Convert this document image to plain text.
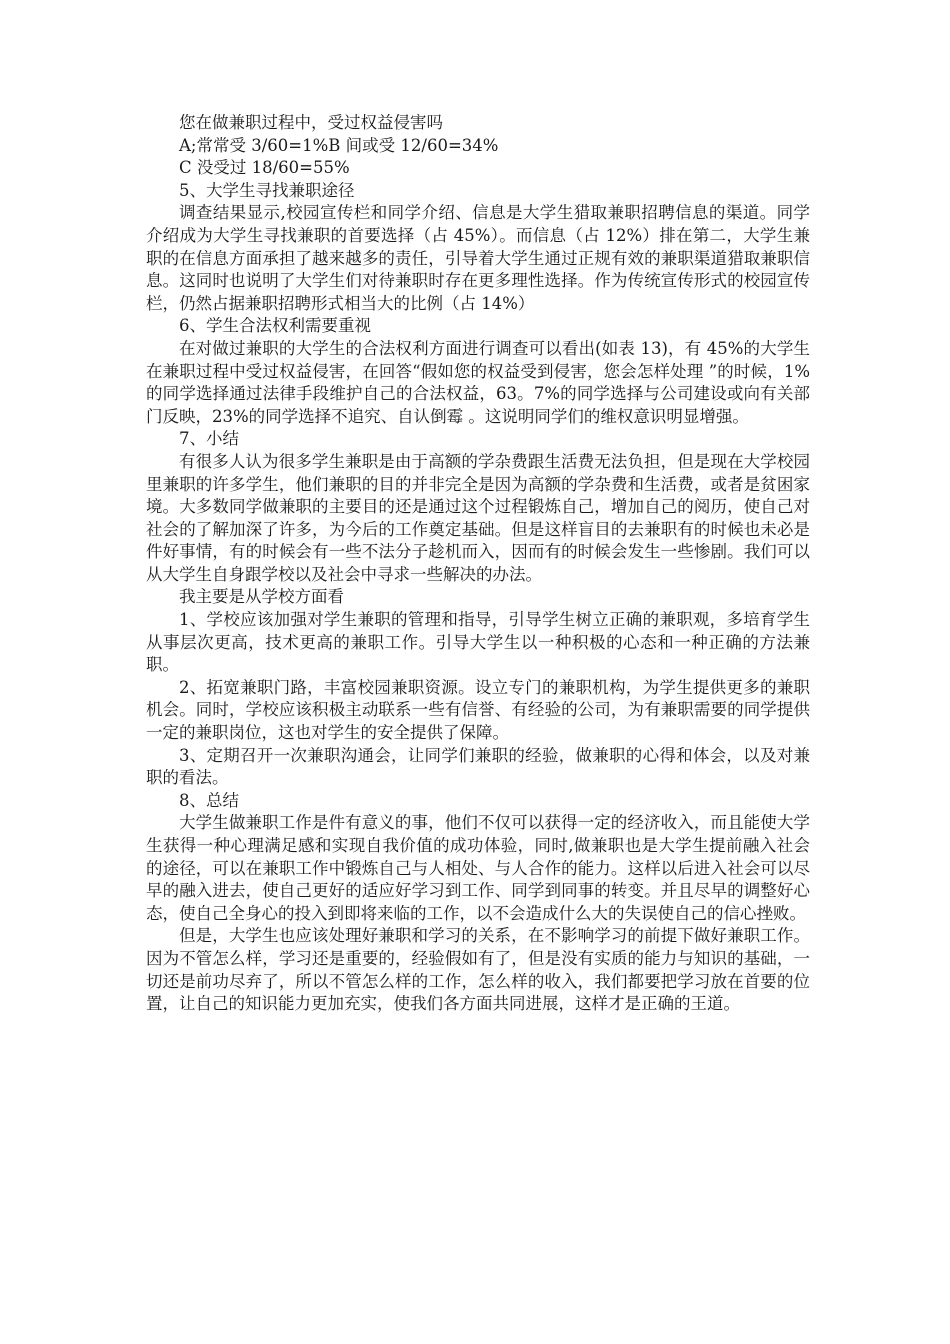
您在做兼职过程中，受过权益侵害吗

A;常常受 3/60=1%B 间或受 12/60=34%

C 没受过 18/60=55%

5、大学生寻找兼职途径

调查结果显示,校园宣传栏和同学介绍、信息是大学生猎取兼职招聘信息的渠道。同学介绍成为大学生寻找兼职的首要选择（占 45%）。而信息（占 12%）排在第二，大学生兼职的在信息方面承担了越来越多的责任，引导着大学生通过正规有效的兼职渠道猎取兼职信息。这同时也说明了大学生们对待兼职时存在更多理性选择。作为传统宣传形式的校园宣传栏，仍然占据兼职招聘形式相当大的比例（占 14%）

6、学生合法权利需要重视

在对做过兼职的大学生的合法权利方面进行调查可以看出(如表 13)，有 45%的大学生在兼职过程中受过权益侵害，在回答“假如您的权益受到侵害，您会怎样处理 ”的时候，1%的同学选择通过法律手段维护自己的合法权益，63。7%的同学选择与公司建设或向有关部门反映，23%的同学选择不追究、自认倒霉 。这说明同学们的维权意识明显增强。

7、小结

有很多人认为很多学生兼职是由于高额的学杂费跟生活费无法负担，但是现在大学校园里兼职的许多学生，他们兼职的目的并非完全是因为高额的学杂费和生活费，或者是贫困家境。大多数同学做兼职的主要目的还是通过这个过程锻炼自己，增加自己的阅历，使自己对社会的了解加深了许多，为今后的工作奠定基础。但是这样盲目的去兼职有的时候也未必是件好事情，有的时候会有一些不法分子趁机而入，因而有的时候会发生一些惨剧。我们可以从大学生自身跟学校以及社会中寻求一些解决的办法。

我主要是从学校方面看

1、学校应该加强对学生兼职的管理和指导，引导学生树立正确的兼职观，多培育学生从事层次更高，技术更高的兼职工作。引导大学生以一种积极的心态和一种正确的方法兼职。

2、拓宽兼职门路，丰富校园兼职资源。设立专门的兼职机构，为学生提供更多的兼职机会。同时，学校应该积极主动联系一些有信誉、有经验的公司，为有兼职需要的同学提供一定的兼职岗位，这也对学生的安全提供了保障。

3、定期召开一次兼职沟通会，让同学们兼职的经验，做兼职的心得和体会，以及对兼职的看法。

8、总结

大学生做兼职工作是件有意义的事，他们不仅可以获得一定的经济收入，而且能使大学生获得一种心理满足感和实现自我价值的成功体验，同时,做兼职也是大学生提前融入社会的途径，可以在兼职工作中锻炼自己与人相处、与人合作的能力。这样以后进入社会可以尽早的融入进去，使自己更好的适应好学习到工作、同学到同事的转变。并且尽早的调整好心态，使自己全身心的投入到即将来临的工作，以不会造成什么大的失误使自己的信心挫败。

但是，大学生也应该处理好兼职和学习的关系，在不影响学习的前提下做好兼职工作。因为不管怎么样，学习还是重要的，经验假如有了，但是没有实质的能力与知识的基础，一切还是前功尽弃了，所以不管怎么样的工作，怎么样的收入，我们都要把学习放在首要的位置，让自己的知识能力更加充实，使我们各方面共同进展，这样才是正确的王道。
